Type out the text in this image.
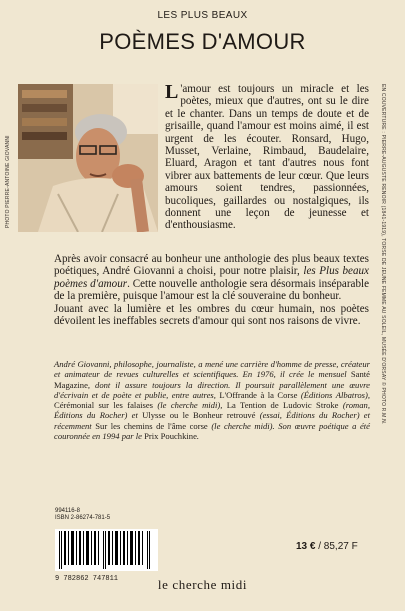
LES PLUS BEAUX
POÈMES D'AMOUR
PHOTO PIERRE-ANTOINE GIOVANNI	EN COUVERTURE : PIERRE-AUGUSTE RENOIR (1841-1919), TORSE DE JEUNE FEMME AU SOLEIL, MUSÉE D'ORSAY © PHOTO R.M.N.
L 'amour est toujours un miracle et les poètes, mieux que d'autres, ont su le dire et le chanter. Dans un temps de doute et de grisaille, quand l'amour est moins aimé, il est urgent de les écouter. Ronsard, Hugo, Musset, Verlaine, Rimbaud, Baudelaire, Eluard, Aragon et tant d'autres nous font vibrer aux battements de leur cœur. Que leurs amours soient tendres, passionnées, bucoliques, gaillardes ou nostalgiques, ils donnent une leçon de jeunesse et d'enthousiasme.
Après avoir consacré au bonheur une anthologie des plus beaux textes poétiques, André Giovanni a choisi, pour notre plaisir, les Plus beaux poèmes d'amour. Cette nouvelle anthologie sera désormais inséparable de la première, puisque l'amour est la clé souveraine du bonheur.
Jouant avec la lumière et les ombres du cœur humain, nos poètes dévoilent les ineffables secrets d'amour qui sont nos raisons de vivre.
André Giovanni, philosophe, journaliste, a mené une carrière d'homme de presse, créateur et animateur de revues culturelles et scientifiques. En 1976, il crée le mensuel Santé Magazine, dont il assure toujours la direction. Il poursuit parallèlement une œuvre d'écrivain et de poète et publie, entre autres, L'Offrande à la Corse (Éditions Albatros), Cérémonial sur les falaises (le cherche midi), La Tention de Ludovic Stroke (roman, Éditions du Rocher) et Ulysse ou le Bonheur retrouvé (essai, Éditions du Rocher) et récemment Sur les chemins de l'âme corse (le cherche midi). Son œuvre poétique a été couronnée en 1994 par le Prix Pouchkine.
994116-8
ISBN 2-86274-781-5
9 782862 747811
13 € / 85,27 F
le cherche midi
